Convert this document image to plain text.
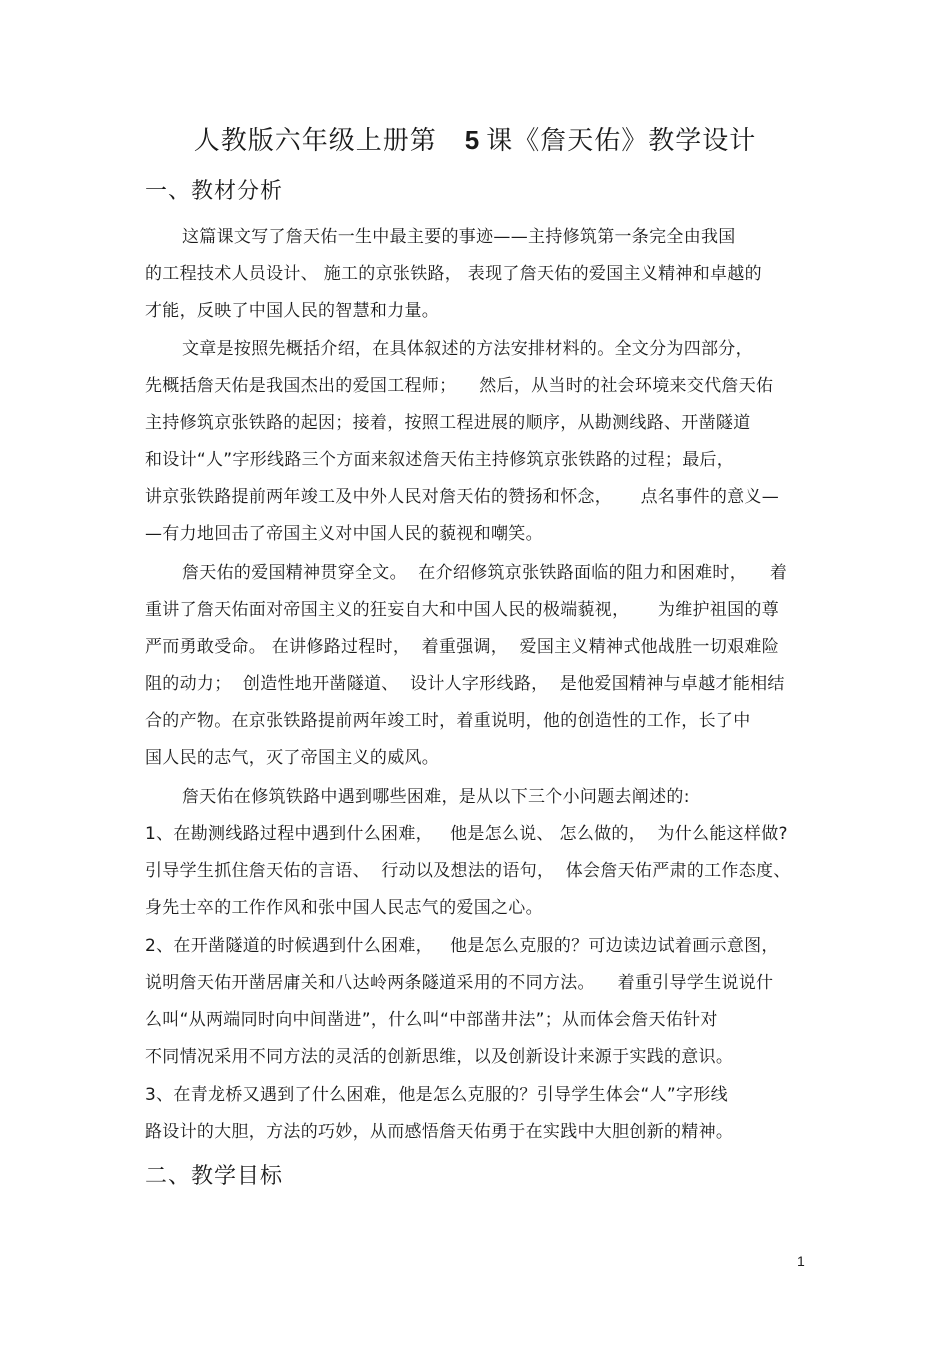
人教版六年级上册第 5 课《詹天佑》教学设计
一、教材分析
这篇课文写了詹天佑一生中最主要的事迹——主持修筑第一条完全由我国
的工程技术人员设计、 施工的京张铁路， 表现了詹天佑的爱国主义精神和卓越的
才能，反映了中国人民的智慧和力量。
文章是按照先概括介绍，在具体叙述的方法安排材料的。全文分为四部分，
先概括詹天佑是我国杰出的爱国工程师；    然后，从当时的社会环境来交代詹天佑
主持修筑京张铁路的起因；接着，按照工程进展的顺序，从勘测线路、开凿隧道
和设计“人”字形线路三个方面来叙述詹天佑主持修筑京张铁路的过程；最后，
讲京张铁路提前两年竣工及中外人民对詹天佑的赞扬和怀念，     点名事件的意义—
—有力地回击了帝国主义对中国人民的藐视和嘲笑。
詹天佑的爱国精神贯穿全文。  在介绍修筑京张铁路面临的阻力和困难时，    着
重讲了詹天佑面对帝国主义的狂妄自大和中国人民的极端藐视，     为维护祖国的尊
严而勇敢受命。 在讲修路过程时，  着重强调，  爱国主义精神式他战胜一切艰难险
阻的动力；  创造性地开凿隧道、  设计人字形线路，  是他爱国精神与卓越才能相结
合的产物。在京张铁路提前两年竣工时，着重说明，他的创造性的工作，长了中
国人民的志气，灭了帝国主义的威风。
詹天佑在修筑铁路中遇到哪些困难，是从以下三个小问题去阐述的:
1、在勘测线路过程中遇到什么困难，   他是怎么说、 怎么做的，  为什么能这样做?
引导学生抓住詹天佑的言语、  行动以及想法的语句，  体会詹天佑严肃的工作态度、
身先士卒的工作作风和张中国人民志气的爱国之心。
2、在开凿隧道的时候遇到什么困难，   他是怎么克服的？可边读边试着画示意图，
说明詹天佑开凿居庸关和八达岭两条隧道采用的不同方法。    着重引导学生说说什
么叫“从两端同时向中间凿进”，什么叫“中部凿井法”；从而体会詹天佑针对
不同情况采用不同方法的灵活的创新思维，以及创新设计来源于实践的意识。
3、在青龙桥又遇到了什么困难，他是怎么克服的？引导学生体会“人”字形线
路设计的大胆，方法的巧妙，从而感悟詹天佑勇于在实践中大胆创新的精神。
二、教学目标
1
